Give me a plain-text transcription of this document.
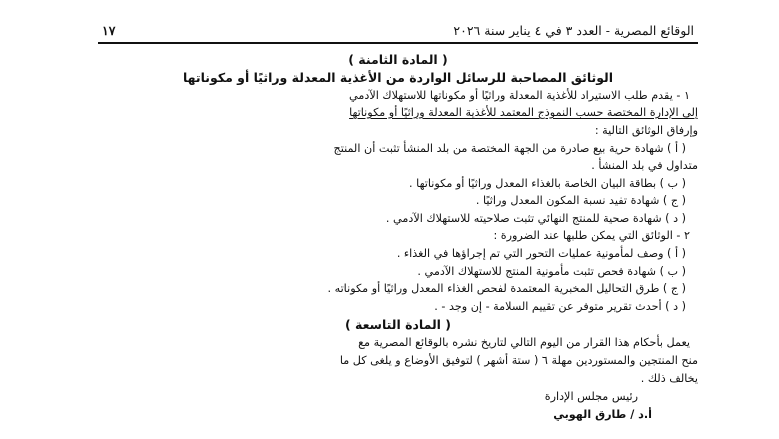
الوقائع المصرية - العدد ٣ في ٤ يناير سنة ٢٠٢٦
١٧
( المادة الثامنة )
الوثائق المصاحبة للرسائل الواردة من الأغذية المعدلة وراثيًا أو مكوناتها
١ - يقدم طلب الاستيراد للأغذية المعدلة وراثيًا أو مكوناتها للاستهلاك الآدمي
إلى الإدارة المختصة حسب النموذج المعتمد للأغذية المعدلة وراثيًا أو مكوناتها
وإرفاق الوثائق التالية :
( أ ) شهادة حرية بيع صادرة من الجهة المختصة من بلد المنشأ تثبت أن المنتج
متداول في بلد المنشأ .
( ب ) بطاقة البيان الخاصة بالغذاء المعدل وراثيًا أو مكوناتها .
( ج ) شهادة تفيد نسبة المكون المعدل وراثيًا .
( د ) شهادة صحية للمنتج النهائي تثبت صلاحيته للاستهلاك الآدمي .
٢ - الوثائق التي يمكن طلبها عند الضرورة :
( أ ) وصف لمأمونية عمليات التحور التي تم إجراؤها في الغذاء .
( ب ) شهادة فحص تثبت مأمونية المنتج للاستهلاك الآدمي .
( ج ) طرق التحاليل المخبرية المعتمدة لفحص الغذاء المعدل وراثيًا أو مكوناته .
( د ) أحدث تقرير متوفر عن تقييم السلامة - إن وجد - .
( المادة التاسعة )
يعمل بأحكام هذا القرار من اليوم التالي لتاريخ نشره بالوقائع المصرية مع
منح المنتجين والمستوردين مهلة ٦ ( ستة أشهر ) لتوفيق الأوضاع و يلغى كل ما
يخالف ذلك .
رئيس مجلس الإدارة
أ.د / طارق الهوبي
